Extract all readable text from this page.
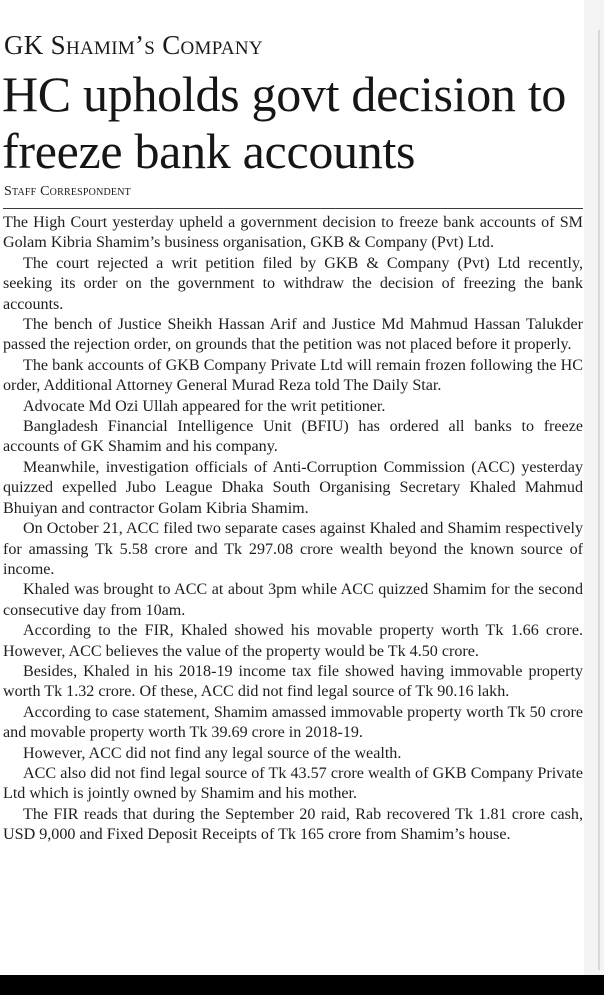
GK Shamim’s Company
HC upholds govt decision to freeze bank accounts
Staff Correspondent

The High Court yesterday upheld a government decision to freeze bank accounts of SM Golam Kibria Shamim’s business organisation, GKB & Company (Pvt) Ltd.

The court rejected a writ petition filed by GKB & Company (Pvt) Ltd recently, seeking its order on the government to withdraw the decision of freezing the bank accounts.

The bench of Justice Sheikh Hassan Arif and Justice Md Mahmud Hassan Talukder passed the rejection order, on grounds that the petition was not placed before it properly.

The bank accounts of GKB Company Private Ltd will remain frozen following the HC order, Additional Attorney General Murad Reza told The Daily Star.

Advocate Md Ozi Ullah appeared for the writ petitioner.

Bangladesh Financial Intelligence Unit (BFIU) has ordered all banks to freeze accounts of GK Shamim and his company.

Meanwhile, investigation officials of Anti-Corruption Commission (ACC) yesterday quizzed expelled Jubo League Dhaka South Organising Secretary Khaled Mahmud Bhuiyan and contractor Golam Kibria Shamim.

On October 21, ACC filed two separate cases against Khaled and Shamim respectively for amassing Tk 5.58 crore and Tk 297.08 crore wealth beyond the known source of income.

Khaled was brought to ACC at about 3pm while ACC quizzed Shamim for the second consecutive day from 10am.

According to the FIR, Khaled showed his movable property worth Tk 1.66 crore. However, ACC believes the value of the property would be Tk 4.50 crore.

Besides, Khaled in his 2018-19 income tax file showed having immovable property worth Tk 1.32 crore. Of these, ACC did not find legal source of Tk 90.16 lakh.

According to case statement, Shamim amassed immovable property worth Tk 50 crore and movable property worth Tk 39.69 crore in 2018-19.

However, ACC did not find any legal source of the wealth.

ACC also did not find legal source of Tk 43.57 crore wealth of GKB Company Private Ltd which is jointly owned by Shamim and his mother.

The FIR reads that during the September 20 raid, Rab recovered Tk 1.81 crore cash, USD 9,000 and Fixed Deposit Receipts of Tk 165 crore from Shamim’s house.
